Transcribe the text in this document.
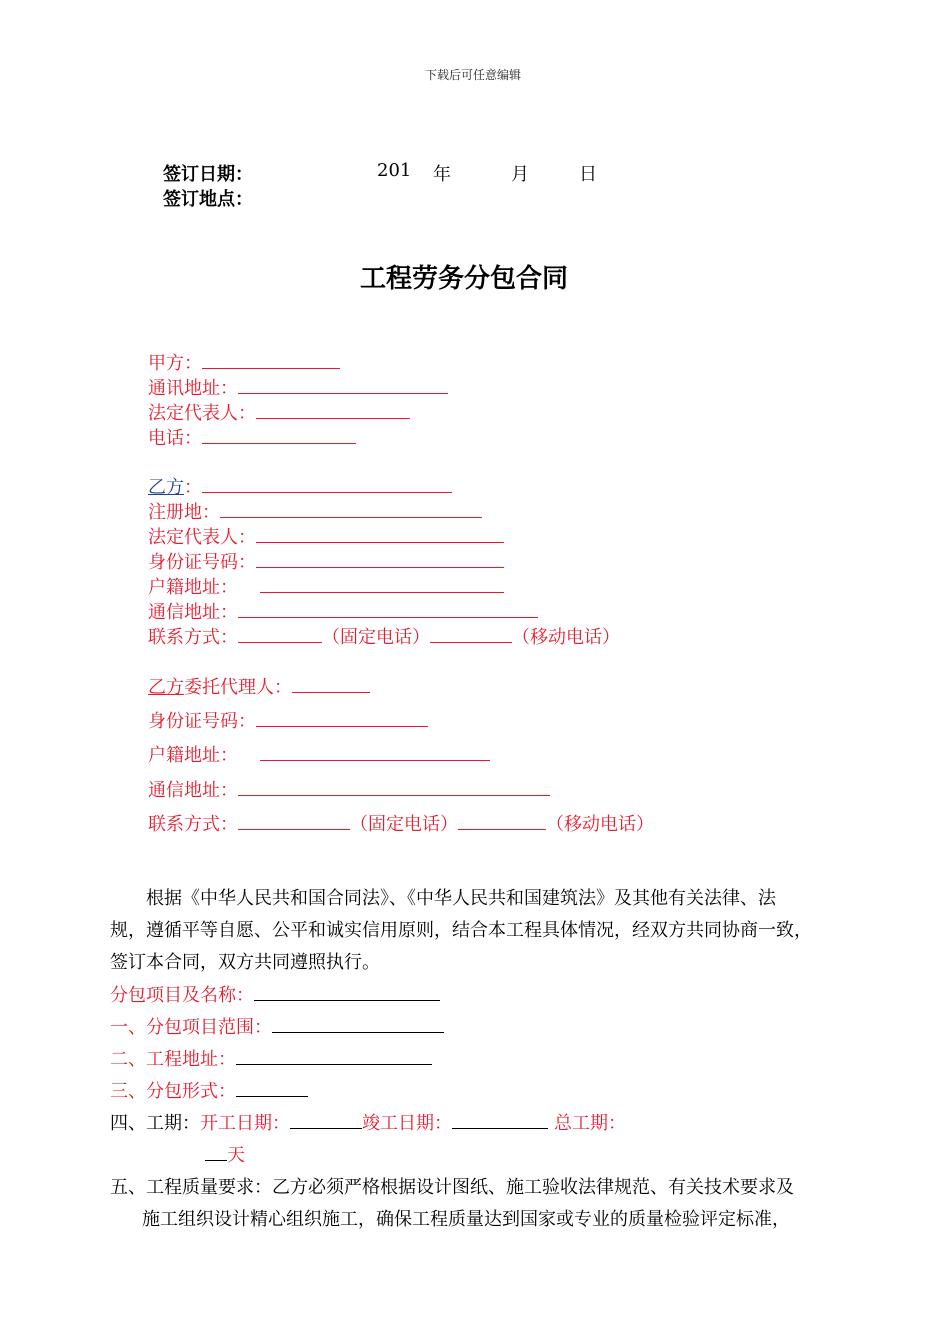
下载后可任意编辑
签订日期：	201 年	月	日
签订地点：
工程劳务分包合同
甲方：
通讯地址：
法定代表人：
电话：
乙方：
注册地：
法定代表人：
身份证号码：
户籍地址：
通信地址：
联系方式：	（固定电话）	（移动电话）
乙方委托代理人：
身份证号码：
户籍地址：
通信地址：
联系方式：	（固定电话）	（移动电话）
根据《中华人民共和国合同法》、《中华人民共和国建筑法》及其他有关法律、法
规，遵循平等自愿、公平和诚实信用原则，结合本工程具体情况，经双方共同协商一致，
签订本合同，双方共同遵照执行。
分包项目及名称：
一、分包项目范围：
二、工程地址：
三、分包形式：
四、工期：开工日期：	竣工日期：	总工期：
天
五、工程质量要求：乙方必须严格根据设计图纸、施工验收法律规范、有关技术要求及
施工组织设计精心组织施工，确保工程质量达到国家或专业的质量检验评定标准，
